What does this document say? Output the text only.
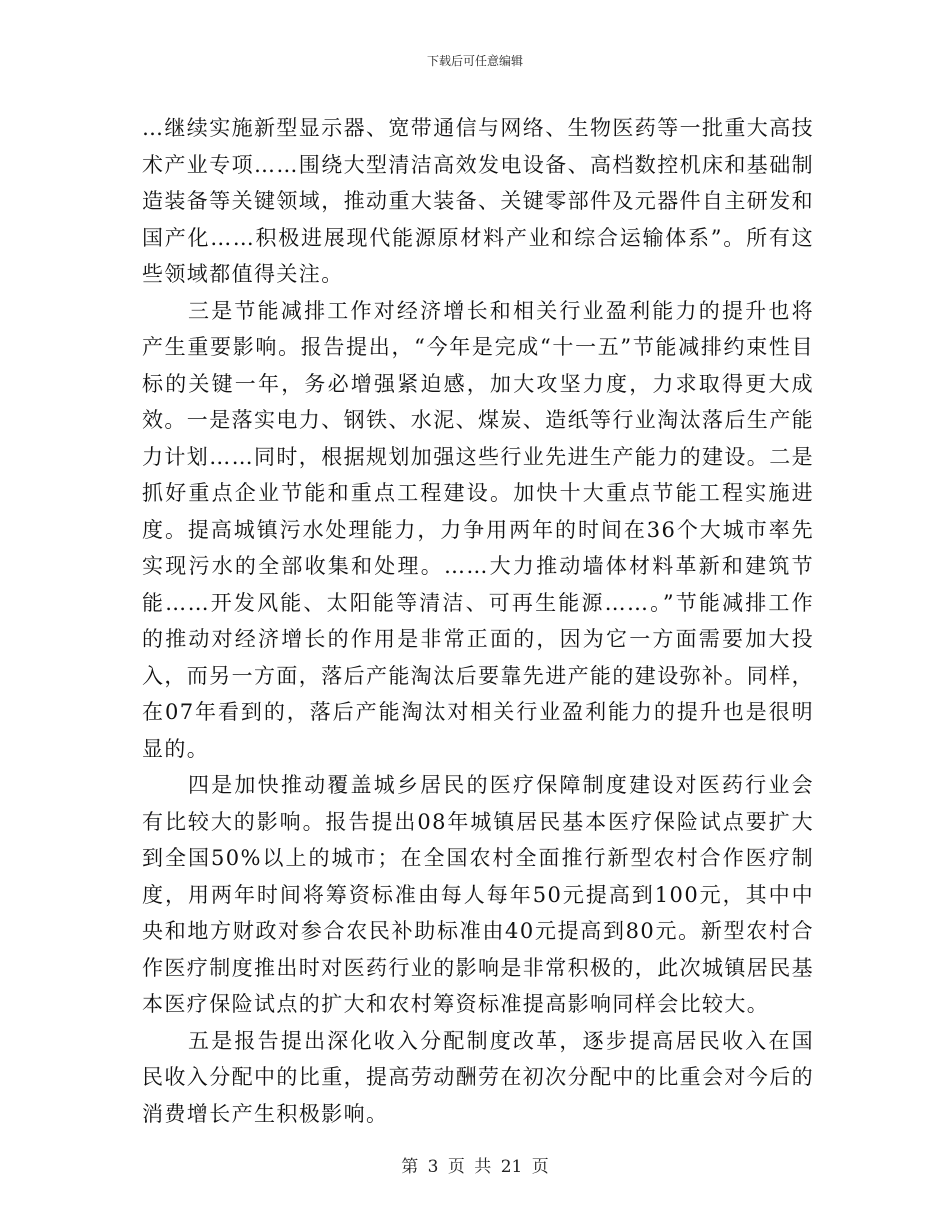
下载后可任意编辑

…继续实施新型显示器、宽带通信与网络、生物医药等一批重大高技术产业专项……围绕大型清洁高效发电设备、高档数控机床和基础制造装备等关键领域，推动重大装备、关键零部件及元器件自主研发和国产化……积极进展现代能源原材料产业和综合运输体系”。所有这些领域都值得关注。

三是节能减排工作对经济增长和相关行业盈利能力的提升也将产生重要影响。报告提出，“今年是完成“十一五”节能减排约束性目标的关键一年，务必增强紧迫感，加大攻坚力度，力求取得更大成效。一是落实电力、钢铁、水泥、煤炭、造纸等行业淘汰落后生产能力计划……同时，根据规划加强这些行业先进生产能力的建设。二是抓好重点企业节能和重点工程建设。加快十大重点节能工程实施进度。提高城镇污水处理能力，力争用两年的时间在36个大城市率先实现污水的全部收集和处理。……大力推动墙体材料革新和建筑节能……开发风能、太阳能等清洁、可再生能源……。”节能减排工作的推动对经济增长的作用是非常正面的，因为它一方面需要加大投入，而另一方面，落后产能淘汰后要靠先进产能的建设弥补。同样，在07年看到的，落后产能淘汰对相关行业盈利能力的提升也是很明显的。

四是加快推动覆盖城乡居民的医疗保障制度建设对医药行业会有比较大的影响。报告提出08年城镇居民基本医疗保险试点要扩大到全国50%以上的城市；在全国农村全面推行新型农村合作医疗制度，用两年时间将筹资标准由每人每年50元提高到100元，其中中央和地方财政对参合农民补助标准由40元提高到80元。新型农村合作医疗制度推出时对医药行业的影响是非常积极的，此次城镇居民基本医疗保险试点的扩大和农村筹资标准提高影响同样会比较大。

五是报告提出深化收入分配制度改革，逐步提高居民收入在国民收入分配中的比重，提高劳动酬劳在初次分配中的比重会对今后的消费增长产生积极影响。

第 3 页 共 21 页
